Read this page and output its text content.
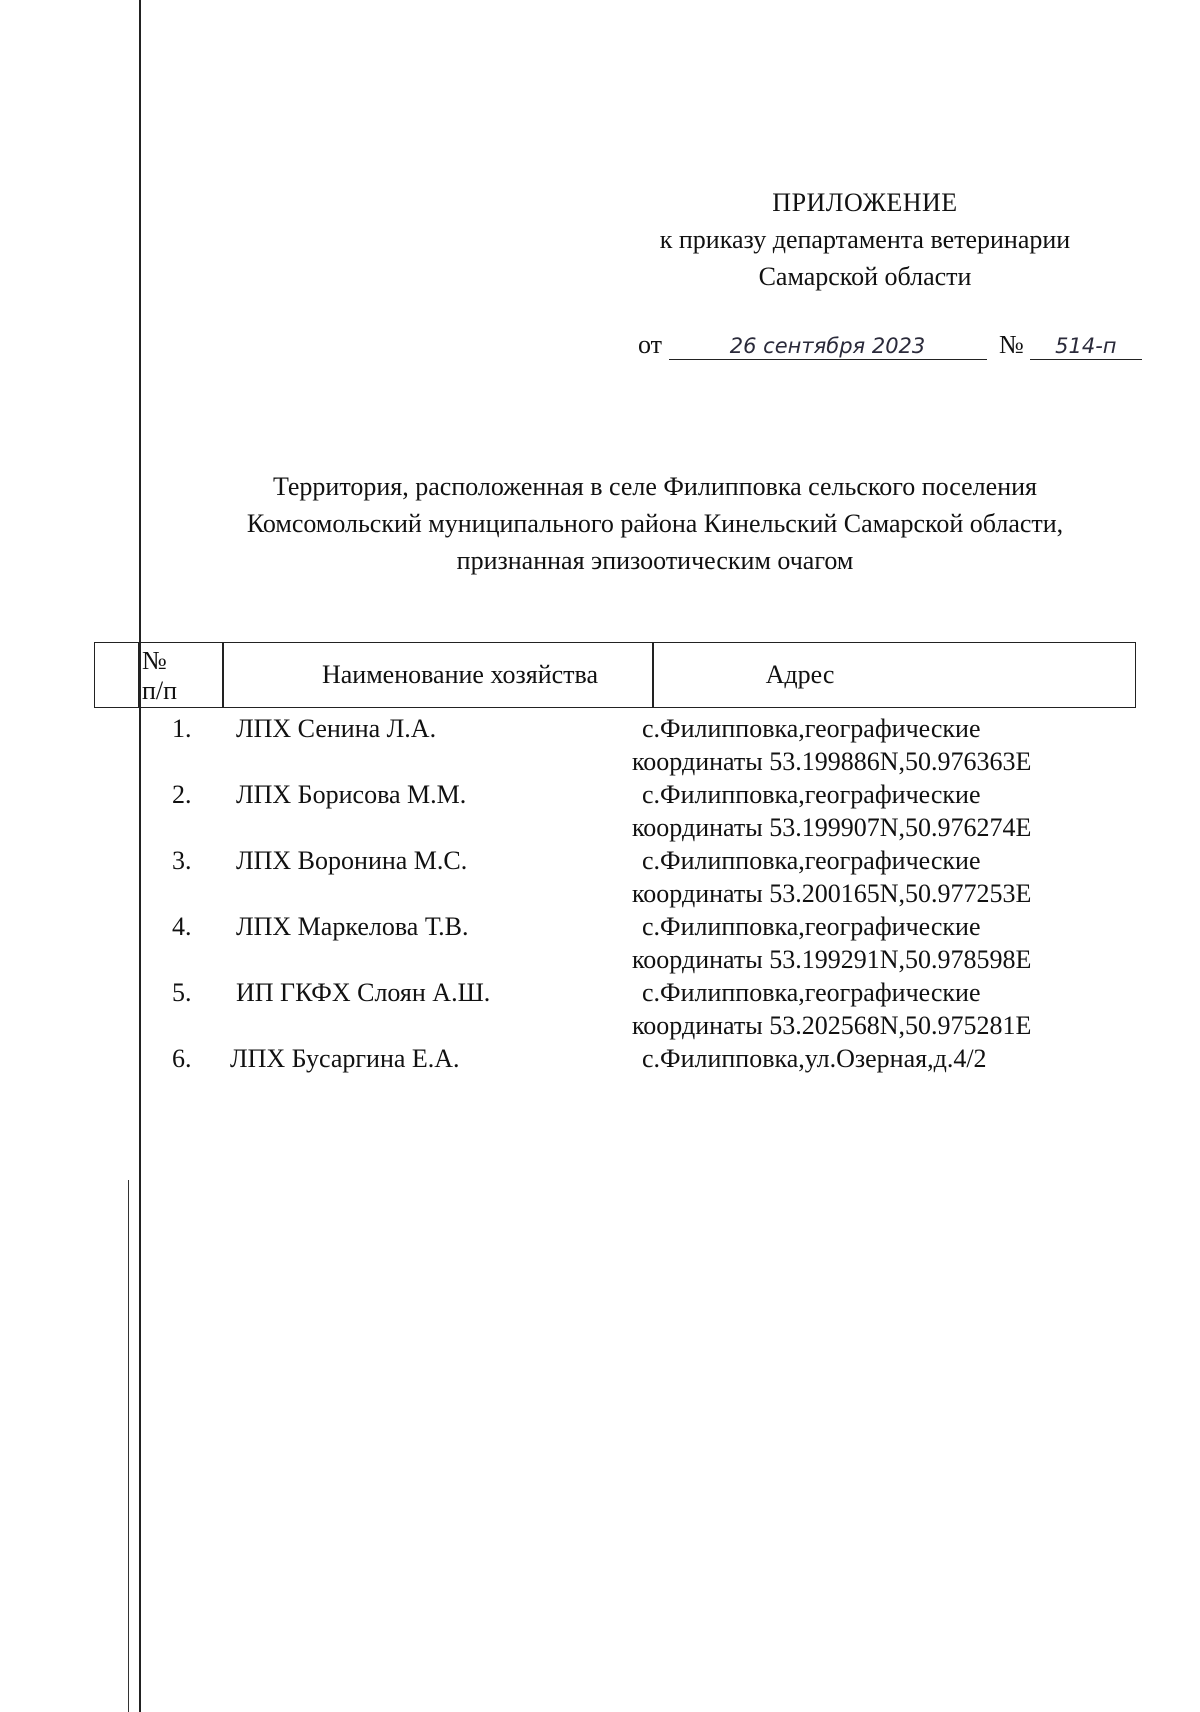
ПРИЛОЖЕНИЕ
к приказу департамента ветеринарии
Самарской области
от	26 сентября 2023	№ 514-п
Территория, расположенная в селе Филипповка сельского поселения
Комсомольский муниципального района Кинельский Самарской области,
признанная эпизоотическим очагом
№
п/п
Наименование хозяйства	Адрес
1.	ЛПХ Сенина Л.А.	с.Филипповка,географические
координаты 53.199886N,50.976363E
2.	ЛПХ Борисова М.М.	с.Филипповка,географические
координаты 53.199907N,50.976274E
3.	ЛПХ Воронина М.С.	с.Филипповка,географические
координаты 53.200165N,50.977253E
4.	ЛПХ Маркелова Т.В.	с.Филипповка,географические
координаты 53.199291N,50.978598E
5.	ИП ГКФХ Слоян А.Ш.	с.Филипповка,географические
координаты 53.202568N,50.975281E
6.	ЛПХ Бусаргина Е.А.	с.Филипповка,ул.Озерная,д.4/2
